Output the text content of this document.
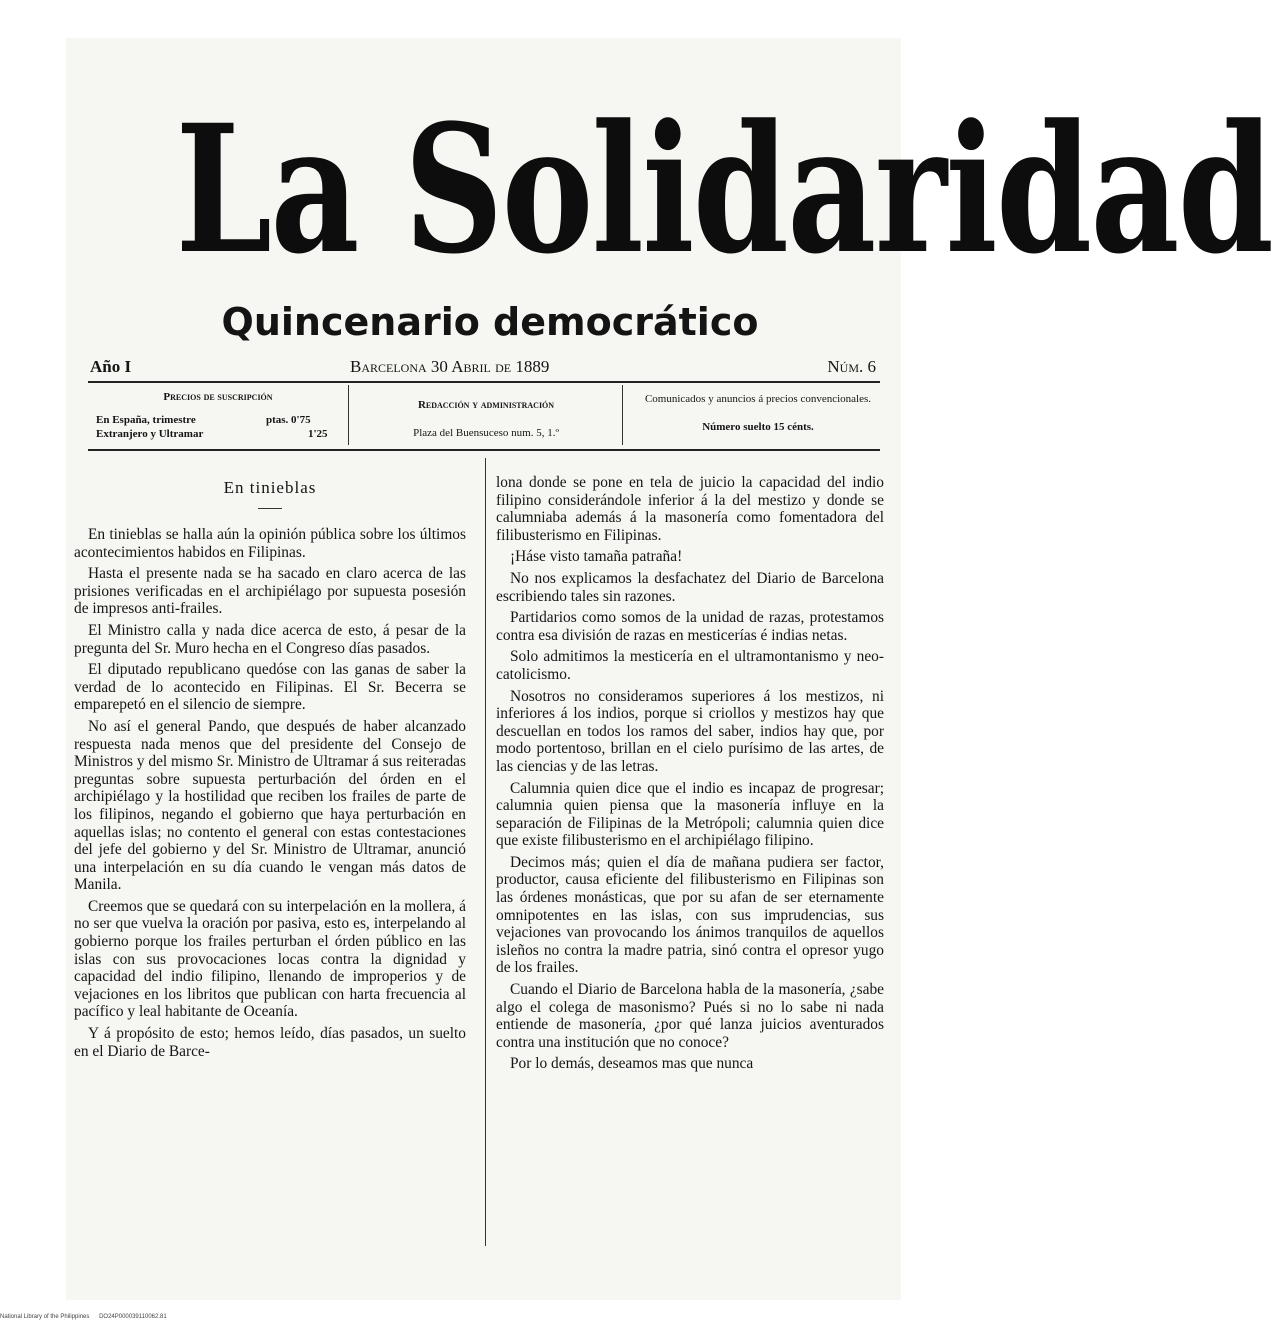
La Solidaridad
Quincenario democrático
Año I	Barcelona 30 Abril de 1889	Núm. 6
Precios de suscripción
En España, trimestre	ptas. 0'75
Extranjero y Ultramar	1'25
Redacción y administración
Plaza del Buensuceso num. 5, 1.º
Comunicados y anuncios á precios convencionales.
Número suelto 15 cénts.
En tinieblas

En tinieblas se halla aún la opinión pública sobre los últimos acontecimientos habidos en Filipinas.

Hasta el presente nada se ha sacado en claro acerca de las prisiones verificadas en el archipiélago por supuesta posesión de impresos anti-frailes.

El Ministro calla y nada dice acerca de esto, á pesar de la pregunta del Sr. Muro hecha en el Congreso días pasados.

El diputado republicano quedóse con las ganas de saber la verdad de lo acontecido en Filipinas. El Sr. Becerra se emparepetó en el silencio de siempre.

No así el general Pando, que después de haber alcanzado respuesta nada menos que del presidente del Consejo de Ministros y del mismo Sr. Ministro de Ultramar á sus reiteradas preguntas sobre supuesta perturbación del órden en el archipiélago y la hostilidad que reciben los frailes de parte de los filipinos, negando el gobierno que haya perturbación en aquellas islas; no contento el general con estas contestaciones del jefe del gobierno y del Sr. Ministro de Ultramar, anunció una interpelación en su día cuando le vengan más datos de Manila.

Creemos que se quedará con su interpelación en la mollera, á no ser que vuelva la oración por pasiva, esto es, interpelando al gobierno porque los frailes perturban el órden público en las islas con sus provocaciones locas contra la dignidad y capacidad del indio filipino, llenando de improperios y de vejaciones en los libritos que publican con harta frecuencia al pacífico y leal habitante de Oceanía.

Y á propósito de esto; hemos leído, días pasados, un suelto en el Diario de Barce-

lona donde se pone en tela de juicio la capacidad del indio filipino considerándole inferior á la del mestizo y donde se calumniaba además á la masonería como fomentadora del filibusterismo en Filipinas.

¡Háse visto tamaña patraña!

No nos explicamos la desfachatez del Diario de Barcelona escribiendo tales sin razones.

Partidarios como somos de la unidad de razas, protestamos contra esa división de razas en mesticerías é indias netas.

Solo admitimos la mesticería en el ultramontanismo y neo-catolicismo.

Nosotros no consideramos superiores á los mestizos, ni inferiores á los indios, porque si criollos y mestizos hay que descuellan en todos los ramos del saber, indios hay que, por modo portentoso, brillan en el cielo purísimo de las artes, de las ciencias y de las letras.

Calumnia quien dice que el indio es incapaz de progresar; calumnia quien piensa que la masonería influye en la separación de Filipinas de la Metrópoli; calumnia quien dice que existe filibusterismo en el archipiélago filipino.

Decimos más; quien el día de mañana pudiera ser factor, productor, causa eficiente del filibusterismo en Filipinas son las órdenes monásticas, que por su afan de ser eternamente omnipotentes en las islas, con sus imprudencias, sus vejaciones van provocando los ánimos tranquilos de aquellos isleños no contra la madre patria, sinó contra el opresor yugo de los frailes.

Cuando el Diario de Barcelona habla de la masonería, ¿sabe algo el colega de masonismo? Pués si no lo sabe ni nada entiende de masonería, ¿por qué lanza juicios aventurados contra una institución que no conoce?

Por lo demás, deseamos mas que nunca

National Library of the Philippines DO24P000039110062.81
